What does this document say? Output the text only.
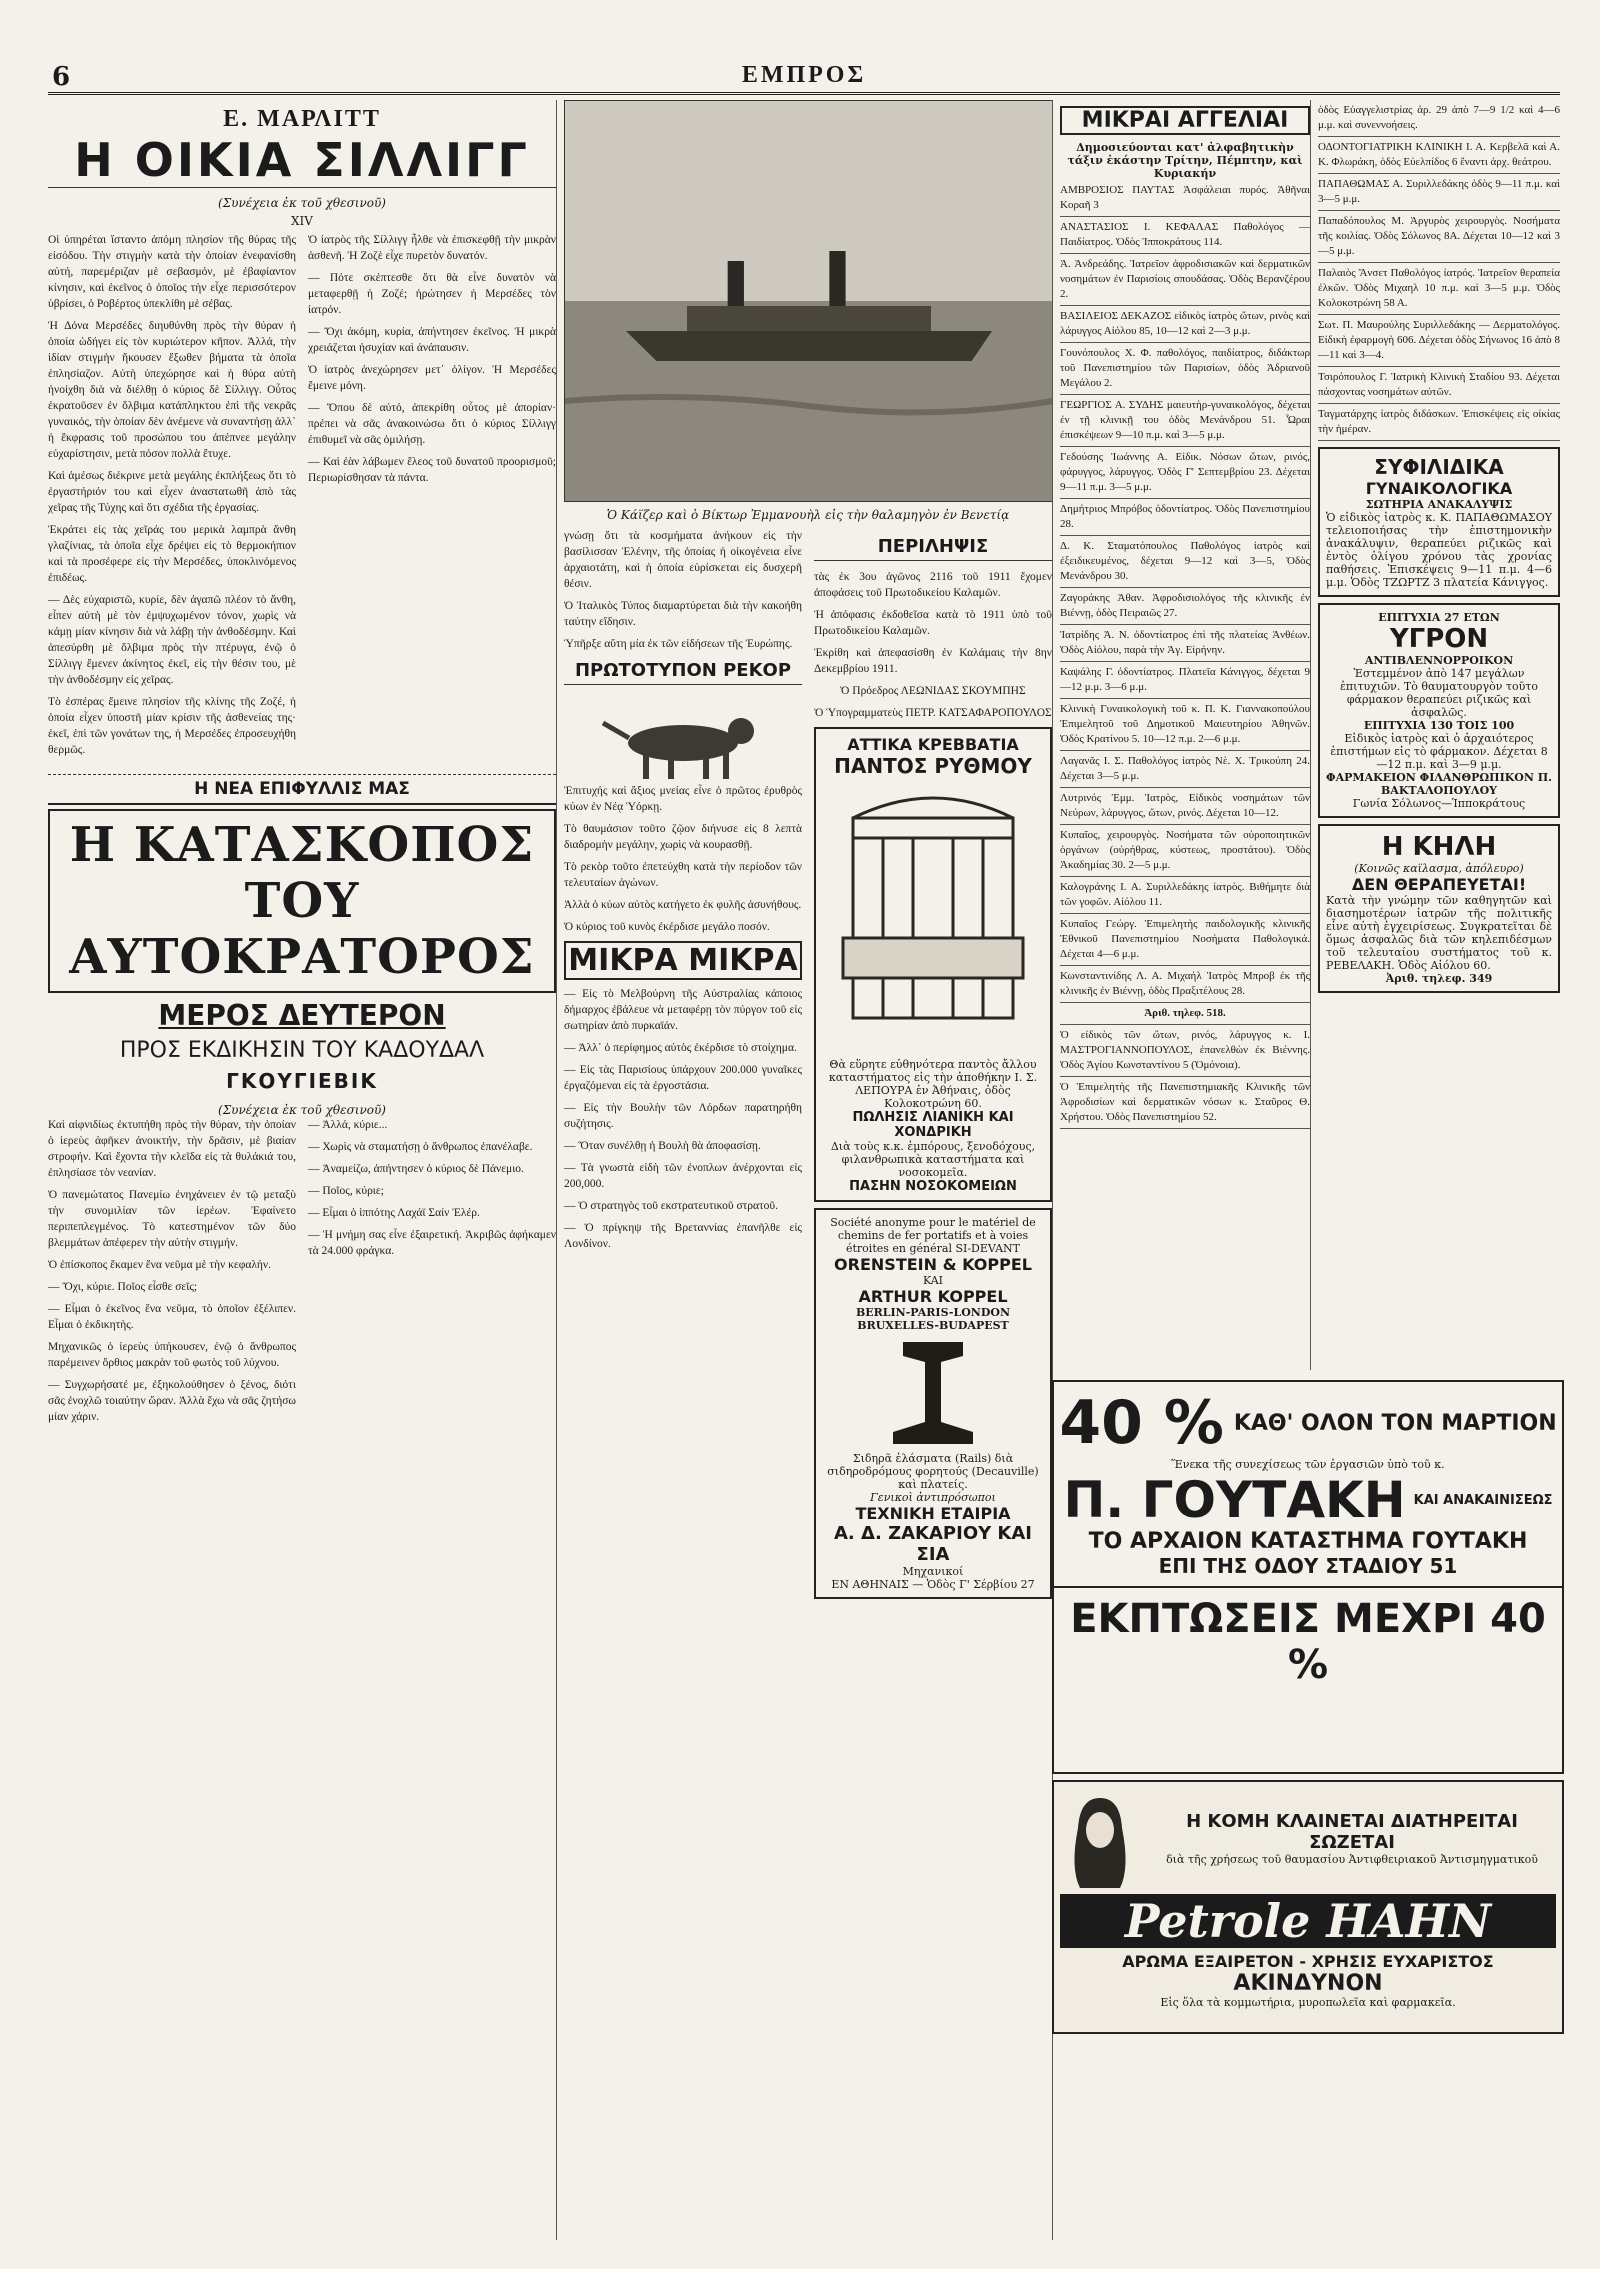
6	ΕΜΠΡΟΣ
Ε. ΜΑΡΛΙΤΤ
Η ΟΙΚΙΑ ΣΙΛΛΙΓΓ
(Συνέχεια ἐκ τοῦ χθεσινοῦ)
XIV

Οἱ ὑπηρέται ἵσταντο ἀπόμη πλησίον τῆς θύρας τῆς εἰσόδου. Τὴν στιγμὴν κατὰ τὴν ὁποίαν ἐνεφανίσθη αὐτή, παρεμέριζαν μὲ σεβασμόν, μὲ ἐβαφίαντον κίνησιν, καὶ ἐκεῖνος ὁ ὁποῖος τὴν εἶχε περισσότερον ὑβρίσει, ὁ Ροβέρτος ὑπεκλίθη μὲ σέβας.

Ἡ Δόνα Μερσέδες διηυθύνθη πρὸς τὴν θύραν ἡ ὁποία ὡδήγει εἰς τὸν κυριώτερον κῆπον. Ἀλλά, τὴν ἰδίαν στιγμὴν ἤκουσεν ἔξωθεν βήματα τὰ ὁποῖα ἐπλησίαζον. Αὐτὴ ὑπεχώρησε καὶ ἡ θύρα αὐτὴ ἠνοίχθη διὰ νὰ διέλθῃ ὁ κύριος δὲ Σίλλιγγ. Οὗτος ἐκρατοῦσεν ἐν ὄλβιμα κατάπληκτου ἐπὶ τῆς νεκρᾶς γυναικός, τὴν ὁποίαν δὲν ἀνέμενε νὰ συναντήσῃ ἀλλ᾽ ἡ ἔκφρασις τοῦ προσώπου του ἀπέπνεε μεγάλην εὐχαρίστησιν, μετὰ πόσον πολλὰ ἔτυχε.

Καὶ ἀμέσως διέκρινε μετὰ μεγάλης ἐκπλήξεως ὅτι τὸ ἐργαστήριόν του καὶ εἶχεν ἀναστατωθῆ ἀπὸ τὰς χεῖρας τῆς Τύχης καὶ ὅτι σχέδια τῆς ἐργασίας.

Ἐκράτει εἰς τὰς χεῖράς του μερικὰ λαμπρὰ ἄνθη γλαζίνιας, τὰ ὁποῖα εἶχε δρέψει εἰς τὸ θερμοκήπιον καὶ τὰ προσέφερε εἰς τὴν Μερσέδες, ὑποκλινόμενος ἐπιδέως.

— Δὲς εὐχαριστῶ, κυρίε, δὲν ἀγαπῶ πλέον τὸ ἄνθη, εἶπεν αὐτὴ μὲ τὸν ἐμψυχωμένον τόνον, χωρὶς νὰ κάμῃ μίαν κίνησιν διὰ νὰ λάβῃ τὴν ἀνθοδέσμην. Καὶ ἀπεσύρθη μὲ ὄλβιμα πρὸς τὴν πτέρυγα, ἐνῷ ὁ Σίλλιγγ ἔμενεν ἀκίνητος ἐκεῖ, εἰς τὴν θέσιν του, μὲ τὴν ἀνθοδέσμην εἰς χεῖρας.

Τὸ ἐσπέρας ἔμεινε πλησίον τῆς κλίνης τῆς Ζοζέ, ἡ ὁποία εἶχεν ὑποστῆ μίαν κρίσιν τῆς ἀσθενείας της· ἐκεῖ, ἐπὶ τῶν γονάτων της, ἡ Μερσέδες ἐπροσευχήθη θερμῶς.

Ὁ ἰατρὸς τῆς Σίλλιγγ ἦλθε νὰ ἐπισκεφθῇ τὴν μικρὰν ἀσθενῆ. Ἡ Ζοζὲ εἶχε πυρετὸν δυνατόν.

— Πότε σκέπτεσθε ὅτι θὰ εἶνε δυνατὸν νὰ μεταφερθῇ ἡ Ζοζέ; ἠρώτησεν ἡ Μερσέδες τὸν ἰατρόν.

— Ὄχι ἀκόμη, κυρία, ἀπήντησεν ἐκεῖνος. Ἡ μικρὰ χρειάζεται ἡσυχίαν καὶ ἀνάπαυσιν.

Ὁ ἰατρὸς ἀνεχώρησεν μετ᾽ ὀλίγον. Ἡ Μερσέδες ἔμεινε μόνη.

— Ὅπου δὲ αὐτό, ἀπεκρίθη οὗτος μὲ ἀπορίαν· πρέπει νὰ σᾶς ἀνακοινώσω ὅτι ὁ κύριος Σίλλιγγ ἐπιθυμεῖ νὰ σᾶς ὁμιλήσῃ.

— Καὶ ἐὰν λάβωμεν ἔλεος τοῦ δυνατοῦ προορισμοῦ; Περιωρίσθησαν τὰ πάντα.

Η ΝΕΑ ΕΠΙΦΥΛΛΙΣ ΜΑΣ
Η ΚΑΤΑΣΚΟΠΟΣ ΤΟΥ ΑΥΤΟΚΡΑΤΟΡΟΣ
ΜΕΡΟΣ ΔΕΥΤΕΡΟΝ
ΠΡΟΣ ΕΚΔΙΚΗΣΙΝ ΤΟΥ ΚΑΔΟΥΔΑΛ
ΓΚΟΥΓΙΕΒΙΚ
(Συνέχεια ἐκ τοῦ χθεσινοῦ)

Καὶ αἰφνιδίως ἐκτυπήθη πρὸς τὴν θύραν, τὴν ὁποίαν ὁ ἱερεὺς ἀφῆκεν ἀνοικτήν, τὴν δρᾶσιν, μὲ βιαίαν στροφήν. Καὶ ἔχοντα τὴν κλεῖδα εἰς τὰ θυλάκιά του, ἐπλησίασε τὸν νεανίαν.

Ὁ πανεμώτατος Πανεμίω ἐνηχάνειεν ἐν τῷ μεταξὺ τὴν συνομιλίαν τῶν ἱερέων. Ἐφαίνετο περιπεπλεγμένος. Τὸ κατεστημένον τῶν δύο βλεμμάτων ἀπέφερεν τὴν αὐτὴν στιγμήν.

Ὁ ἐπίσκοπος ἔκαμεν ἕνα νεῦμα μὲ τὴν κεφαλήν.

— Ὄχι, κύριε. Ποῖος εἶσθε σεῖς;

— Εἶμαι ὁ ἐκεῖνος ἕνα νεῦμα, τὸ ὁποῖον ἐξέλιπεν. Εἶμαι ὁ ἐκδικητὴς.

Μηχανικῶς ὁ ἱερεὺς ὑπήκουσεν, ἐνῷ ὁ ἄνθρωπος παρέμεινεν ὄρθιος μακρὰν τοῦ φωτὸς τοῦ λύχνου.

— Συγχωρήσατέ με, ἐξηκολούθησεν ὁ ξένος, διότι σᾶς ἐνοχλῶ τοιαύτην ὥραν. Ἀλλὰ ἔχω νὰ σᾶς ζητήσω μίαν χάριν.

— Ἀλλά, κύριε...

— Χωρὶς νὰ σταματήσῃ ὁ ἄνθρωπος ἐπανέλαβε.

— Ἀναμείζω, ἀπήντησεν ὁ κύριος δὲ Πάνεμιο.

— Ποῖος, κύριε;

— Εἶμαι ὁ ἱππότης Λαχάϊ Σαίν Ἐλέρ.

— Ἡ μνήμη σας εἶνε ἐξαιρετική. Ἀκριβῶς ἀφήκαμεν τὰ 24.000 φράγκα.

Ὁ Κάϊζερ καὶ ὁ Βίκτωρ Ἐμμανουὴλ εἰς τὴν θαλαμηγὸν ἐν Βενετίᾳ

γνώσῃ ὅτι τὰ κοσμήματα ἀνήκουν εἰς τὴν βασίλισσαν Ἑλένην, τῆς ὁποίας ἡ οἰκογένεια εἶνε ἀρχαιοτάτη, καὶ ἡ ὁποία εὑρίσκεται εἰς δυσχερῆ θέσιν.

Ὁ Ἰταλικὸς Τύπος διαμαρτύρεται διὰ τὴν κακοήθη ταύτην εἴδησιν.

Ὑπῆρξε αὕτη μία ἐκ τῶν εἰδήσεων τῆς Ἐυρώπης.

ΠΡΩΤΟΤΥΠΟΝ ΡΕΚΟΡ

Ἐπιτυχής καὶ ἄξιος μνείας εἶνε ὁ πρῶτος ἐρυθρὸς κύων ἐν Νέᾳ Ὑόρκῃ.

Τὸ θαυμάσιον τοῦτο ζῷον διήνυσε εἰς 8 λεπτὰ διαδρομὴν μεγάλην, χωρὶς νὰ κουρασθῇ.

Τὸ ρεκὸρ τοῦτο ἐπετεύχθη κατὰ τὴν περίοδον τῶν τελευταίων ἀγώνων.

Ἀλλὰ ὁ κύων αὐτὸς κατήγετο ἐκ φυλῆς ἀσυνήθους.

Ὁ κύριος τοῦ κυνὸς ἐκέρδισε μεγάλο ποσόν.

ΜΙΚΡΑ ΜΙΚΡΑ

— Εἰς τὸ Μελβούρνη τῆς Αὐστραλίας κάποιος δήμαρχος ἐβάλευε νὰ μεταφέρῃ τὸν πύργον τοῦ εἰς σωτηρίαν ἀπὸ πυρκαϊάν.

— Ἀλλ᾽ ὁ περίφημος αὐτὸς ἐκέρδισε τὸ στοίχημα.

— Εἰς τὰς Παρισίους ὑπάρχουν 200.000 γυναῖκες ἐργαζόμεναι εἰς τὰ ἐργοστάσια.

— Εἰς τὴν Βουλὴν τῶν Λόρδων παρατηρήθη συζήτησις.

— Ὅταν συνέλθῃ ἡ Βουλὴ θὰ ἀποφασίσῃ.

— Τὰ γνωστὰ εἰδὴ τῶν ἐνοπλων ἀνέρχονται εἰς 200,000.

— Ὁ στρατηγὸς τοῦ εκστρατευτικοῦ στρατοῦ.

— Ὁ πρίγκηψ τῆς Βρεταννίας ἐπανῆλθε εἰς Λονδίνον.

ΠΕΡΙΛΗΨΙΣ

τὰς ἐκ 3ου ἀγῶνος 2116 τοῦ 1911 ἔχομεν ἀποφάσεις τοῦ Πρωτοδικείου Καλαμῶν.

Ἡ ἀπόφασις ἐκδοθεῖσα κατὰ τὸ 1911 ὑπὸ τοῦ Πρωτοδικείου Καλαμῶν.

Ἐκρίθη καὶ ἀπεφασίσθη ἐν Καλάμαις τὴν 8ην Δεκεμβρίου 1911.

Ὁ Πρόεδρος ΛΕΩΝΙΔΑΣ ΣΚΟΥΜΠΗΣ

Ὁ Ὑπογραμματεὺς ΠΕΤΡ. ΚΑΤΣΑΦΑΡΟΠΟΥΛΟΣ

ΑΤΤΙΚΑ ΚΡΕΒΒΑΤΙΑ
ΠΑΝΤΟΣ ΡΥΘΜΟΥ
Θὰ εὕρητε εὐθηνότερα παντὸς ἄλλου καταστήματος εἰς τὴν ἀποθήκην Ι. Σ. ΛΕΠΟΥΡΑ ἐν Ἀθήναις, ὁδὸς Κολοκοτρώνη 60.
ΠΩΛΗΣΙΣ ΛΙΑΝΙΚΗ ΚΑΙ ΧΟΝΔΡΙΚΗ
Διὰ τοὺς κ.κ. ἐμπόρους, ξενοδόχους, φιλανθρωπικὰ καταστήματα καὶ νοσοκομεῖα.
ΠΑΣΗΝ ΝΟΣΟΚΟΜΕΙΩΝ
Société anonyme pour le matériel de chemins de fer portatifs et à voies étroites en général SI-DEVANT
ORENSTEIN & KOPPEL
KAI
ARTHUR KOPPEL
BERLIN-PARIS-LONDON BRUXELLES-BUDAPEST
Σιδηρᾶ ἐλάσματα (Rails) διὰ σιδηροδρόμους φορητούς (Decauville) καὶ πλατείς.
Γενικοὶ ἀντιπρόσωποι
ΤΕΧΝΙΚΗ ΕΤΑΙΡΙΑ
Α. Δ. ΖΑΚΑΡΙΟΥ ΚΑΙ ΣΙΑ
Μηχανικοί
ΕΝ ΑΘΗΝΑΙΣ — Ὁδὸς Γ' Σέρβίου 27
ΜΙΚΡΑΙ ΑΓΓΕΛΙΑΙ
Δημοσιεύονται κατ' ἀλφαβητικὴν τάξιν ἑκάστην Τρίτην, Πέμπτην, καὶ Κυριακήν
ΑΜΒΡΟΣΙΟΣ ΠΑΥΤΑΣ Ἀσφάλειαι πυρός. Ἀθῆναι Κοραῆ 3
ΑΝΑΣΤΑΣΙΟΣ Ι. ΚΕΦΑΛΑΣ Παθολόγος — Παιδίατρος. Ὁδὸς Ἱπποκράτους 114.
Ἀ. Ἀνδρεάδης. Ἰατρεῖον ἀφροδισιακῶν καὶ δερματικῶν νοσημάτων ἐν Παρισίοις σπουδάσας. Ὁδὸς Βερανζέρου 2.
ΒΑΣΙΛΕΙΟΣ ΔΕΚΑΖΟΣ εἰδικὸς ἰατρὸς ὤτων, ρινὸς καὶ λάρυγγος Αἰόλου 85, 10—12 καὶ 2—3 μ.μ.
Γουνόπουλος Χ. Φ. παθολόγος, παιδίατρος, διδάκτωρ τοῦ Πανεπιστημίου τῶν Παρισίων, ὁδὸς Ἀδριανοῦ Μεγάλου 2.
ΓΕΩΡΓΙΟΣ Α. ΣΥΔΗΣ μαιευτὴρ-γυναικολόγος, δέχεται ἐν τῇ κλινικῇ του ὁδὸς Μενάνδρου 51. Ὧραι ἐπισκέψεων 9—10 π.μ. καὶ 3—5 μ.μ.
Γεδούσης Ἰωάννης Α. Εἰδικ. Νόσων ὤτων, ρινός, φάρυγγος, λάρυγγος. Ὁδὸς Γ' Σεπτεμβρίου 23. Δέχεται 9—11 π.μ. 3—5 μ.μ.
Δημήτριος Μπρόβος ὀδοντίατρος. Ὁδὸς Πανεπιστημίου 28.
Δ. Κ. Σταματόπουλος Παθολόγος ἰατρὸς καὶ ἐξειδικευμένος, δέχεται 9—12 καὶ 3—5, Ὁδὸς Μενάνδρου 30.
Ζαγοράκης Ἀθαν. Ἀφροδισιολόγος τῆς κλινικῆς ἐν Βιέννῃ, ὁδὸς Πειραιῶς 27.
Ἰατρίδης Ἀ. Ν. ὀδοντίατρος ἐπὶ τῆς πλατείας Ἀνθέων. Ὁδὸς Αἰόλου, παρὰ τὴν Ἁγ. Εἰρήνην.
Καψάλης Γ. ὀδοντίατρος. Πλατεῖα Κάνιγγος, δέχεται 9—12 μ.μ. 3—6 μ.μ.
Κλινικὴ Γυναικολογικὴ τοῦ κ. Π. Κ. Γιαννακοπούλου Ἐπιμελητοῦ τοῦ Δημοτικοῦ Μαιευτηρίου Ἀθηνῶν. Ὁδὸς Κρατίνου 5. 10—12 π.μ. 2—6 μ.μ.
Λαγανᾶς Ι. Σ. Παθολόγος ἰατρὸς Νὲ. Χ. Τρικούπη 24. Δέχεται 3—5 μ.μ.
Λυτρινός Ἐμμ. Ἰατρὸς, Εἰδικὸς νοσημάτων τῶν Νεύρων, λάρυγγος, ὤτων, ρινός. Δέχεται 10—12.
Κυπαῖος, χειρουργὸς. Νοσήματα τῶν οὐροποιητικῶν ὀργάνων (οὐρήθρας, κύστεως, προστάτου). Ὁδὸς Ἀκαδημίας 30. 2—5 μ.μ.
Καλογράνης Ι. Α. Συριλλεδάκης ἰατρὸς. Βιθήμητε διὰ τῶν γοφῶν. Αἰόλου 11.
Κυπαῖος Γεώργ. Ἐπιμελητὴς παιδολογικῆς κλινικῆς Ἐθνικοῦ Πανεπιστημίου Νοσήματα Παθολογικά. Δέχεται 4—6 μ.μ.
Κωνσταντινίδης Λ. Α. Μιχαήλ Ἰατρὸς Μπροβ ἐκ τῆς κλινικῆς ἐν Βιέννῃ, ὁδὸς Πραξιτέλους 28.
Ἀριθ. τηλεφ. 518.
Ὁ εἰδικὸς τῶν ὤτων, ρινός, λάρυγγος κ. Ι. ΜΑΣΤΡΟΓΙΑΝΝΟΠΟΥΛΟΣ, ἐπανελθὼν ἐκ Βιέννης. Ὁδὸς Ἁγίου Κωνσταντίνου 5 (Ὁμόνοια).
Ὁ Ἐπιμελητὴς τῆς Πανεπιστημιακῆς Κλινικῆς τῶν Ἀφροδισίων καὶ δερματικῶν νόσων κ. Σταῦρος Θ. Χρήστου. Ὁδὸς Πανεπιστημίου 52.
ὁδὸς Εὐαγγελιστρίας ἀρ. 29 ἀπὸ 7—9 1/2 καὶ 4—6 μ.μ. καὶ συνεννοήσεις.
ΟΔΟΝΤΟΓΙΑΤΡΙΚΗ ΚΛΙΝΙΚΗ Ι. Α. Κερβελᾶ καὶ Α. Κ. Φλωράκη, ὁδὸς Εὐελπίδος 6 ἔναντι ἀρχ. θεάτρου.
ΠΑΠΑΘΩΜΑΣ Α. Συριλλεδάκης ὁδὸς 9—11 π.μ. καὶ 3—5 μ.μ.
Παπαδόπουλος Μ. Ἀργυρὸς χειρουργὸς. Νοσήματα τῆς κοιλίας. Ὁδὸς Σόλωνος 8Α. Δέχεται 10—12 καὶ 3—5 μ.μ.
Παλαιὸς Ἄνσετ Παθολόγος ἰατρός. Ἰατρεῖον θεραπεία ἐλκῶν. Ὁδὸς Μιχαηλ 10 π.μ. καὶ 3—5 μ.μ. Ὁδὸς Κολοκοτρώνη 58 Α.
Σωτ. Π. Μαυρούλης Συριλλεδάκης — Δερματολόγος. Εἰδικὴ ἐφαρμογὴ 606. Δέχεται ὁδὸς Σήνωνος 16 ἀπὸ 8—11 καὶ 3—4.
Τσιρόπουλος Γ. Ἰατρικὴ Κλινικὴ Σταδίου 93. Δέχεται πάσχοντας νοσημάτων αὐτῶν.
Ταγματάρχης ἰατρὸς διδάσκων. Ἐπισκέψεις εἰς οἰκίας τὴν ἡμέραν.
ΣΥΦΙΛΙΔΙΚΑ
ΓΥΝΑΙΚΟΛΟΓΙΚΑ
ΣΩΤΗΡΙΑ ΑΝΑΚΑΛΥΨΙΣ
Ὁ εἰδικὸς ἰατρὸς κ. Κ. ΠΑΠΑΘΩΜΑΣΟΥ τελειοποιήσας τὴν ἐπιστημονικὴν ἀνακάλυψιν, θεραπεύει ριζικῶς καὶ ἐντὸς ὀλίγου χρόνου τὰς χρονίας παθήσεις. Ἐπισκέψεις 9—11 π.μ. 4—6 μ.μ. Ὁδὸς ΤΖΩΡΤΖ 3 πλατεία Κάνιγγος.
ΕΠΙΤΥΧΙΑ 27 ΕΤΩΝ
ΥΓΡΟΝ
ΑΝΤΙΒΛΕΝΝΟΡΡΟΙΚΟΝ
Ἐστεμμένον ἀπὸ 147 μεγάλων ἐπιτυχιῶν. Τὸ θαυματουργὸν τοῦτο φάρμακον θεραπεύει ριζικῶς καὶ ἀσφαλῶς.
ΕΠΙΤΥΧΙΑ 130 ΤΟΙΣ 100
Εἰδικὸς ἰατρὸς καὶ ὁ ἀρχαιότερος ἐπιστήμων εἰς τὸ φάρμακον. Δέχεται 8—12 π.μ. καὶ 3—9 μ.μ.
ΦΑΡΜΑΚΕΙΟΝ ΦΙΛΑΝΘΡΩΠΙΚΟΝ Π. ΒΑΚΤΑΛΟΠΟΥΛΟΥ
Γωνία Σόλωνος—Ἱπποκράτους
Η ΚΗΛΗ
(Κοινῶς καϊλασμα, ἀπόλευρο)
ΔΕΝ ΘΕΡΑΠΕΥΕΤΑΙ!
Κατὰ τὴν γνώμην τῶν καθηγητῶν καὶ διασημοτέρων ἰατρῶν τῆς πολιτικῆς εἶνε αὐτὴ ἐγχειρίσεως. Συγκρατεῖται δὲ ὅμως ἀσφαλῶς διὰ τῶν κηλεπιδέσμων τοῦ τελευταίου συστήματος τοῦ κ. ΡΕΒΕΛΑΚΗ. Ὁδὸς Αἰόλου 60.
Ἀριθ. τηλεφ. 349
40 % ΚΑΘ' ΟΛΟΝ ΤΟΝ ΜΑΡΤΙΟΝ
Ἕνεκα τῆς συνεχίσεως τῶν ἐργασιῶν ὑπὸ τοῦ κ.
Π. ΓΟΥΤΑΚΗ ΚΑΙ ΑΝΑΚΑΙΝΙΣΕΩΣ
ΤΟ ΑΡΧΑΙΟΝ ΚΑΤΑΣΤΗΜΑ ΓΟΥΤΑΚΗ
ΕΠΙ ΤΗΣ ΟΔΟΥ ΣΤΑΔΙΟΥ 51
ΕΚΠΤΩΣΕΙΣ ΜΕΧΡΙ 40 %
Η ΚΟΜΗ ΚΛΑΙΝΕΤΑΙ ΔΙΑΤΗΡΕΙΤΑΙ ΣΩΖΕΤΑΙ
διὰ τῆς χρήσεως τοῦ θαυμασίου Ἀντιφθειριακοῦ Ἀντισμηγματικοῦ
Petrole HAHN
ΑΡΩΜΑ ΕΞΑΙΡΕΤΟΝ - ΧΡΗΣΙΣ ΕΥΧΑΡΙΣΤΟΣ
ΑΚΙΝΔΥΝΟΝ
Εἰς ὅλα τὰ κομμωτήρια, μυροπωλεῖα καὶ φαρμακεῖα.
